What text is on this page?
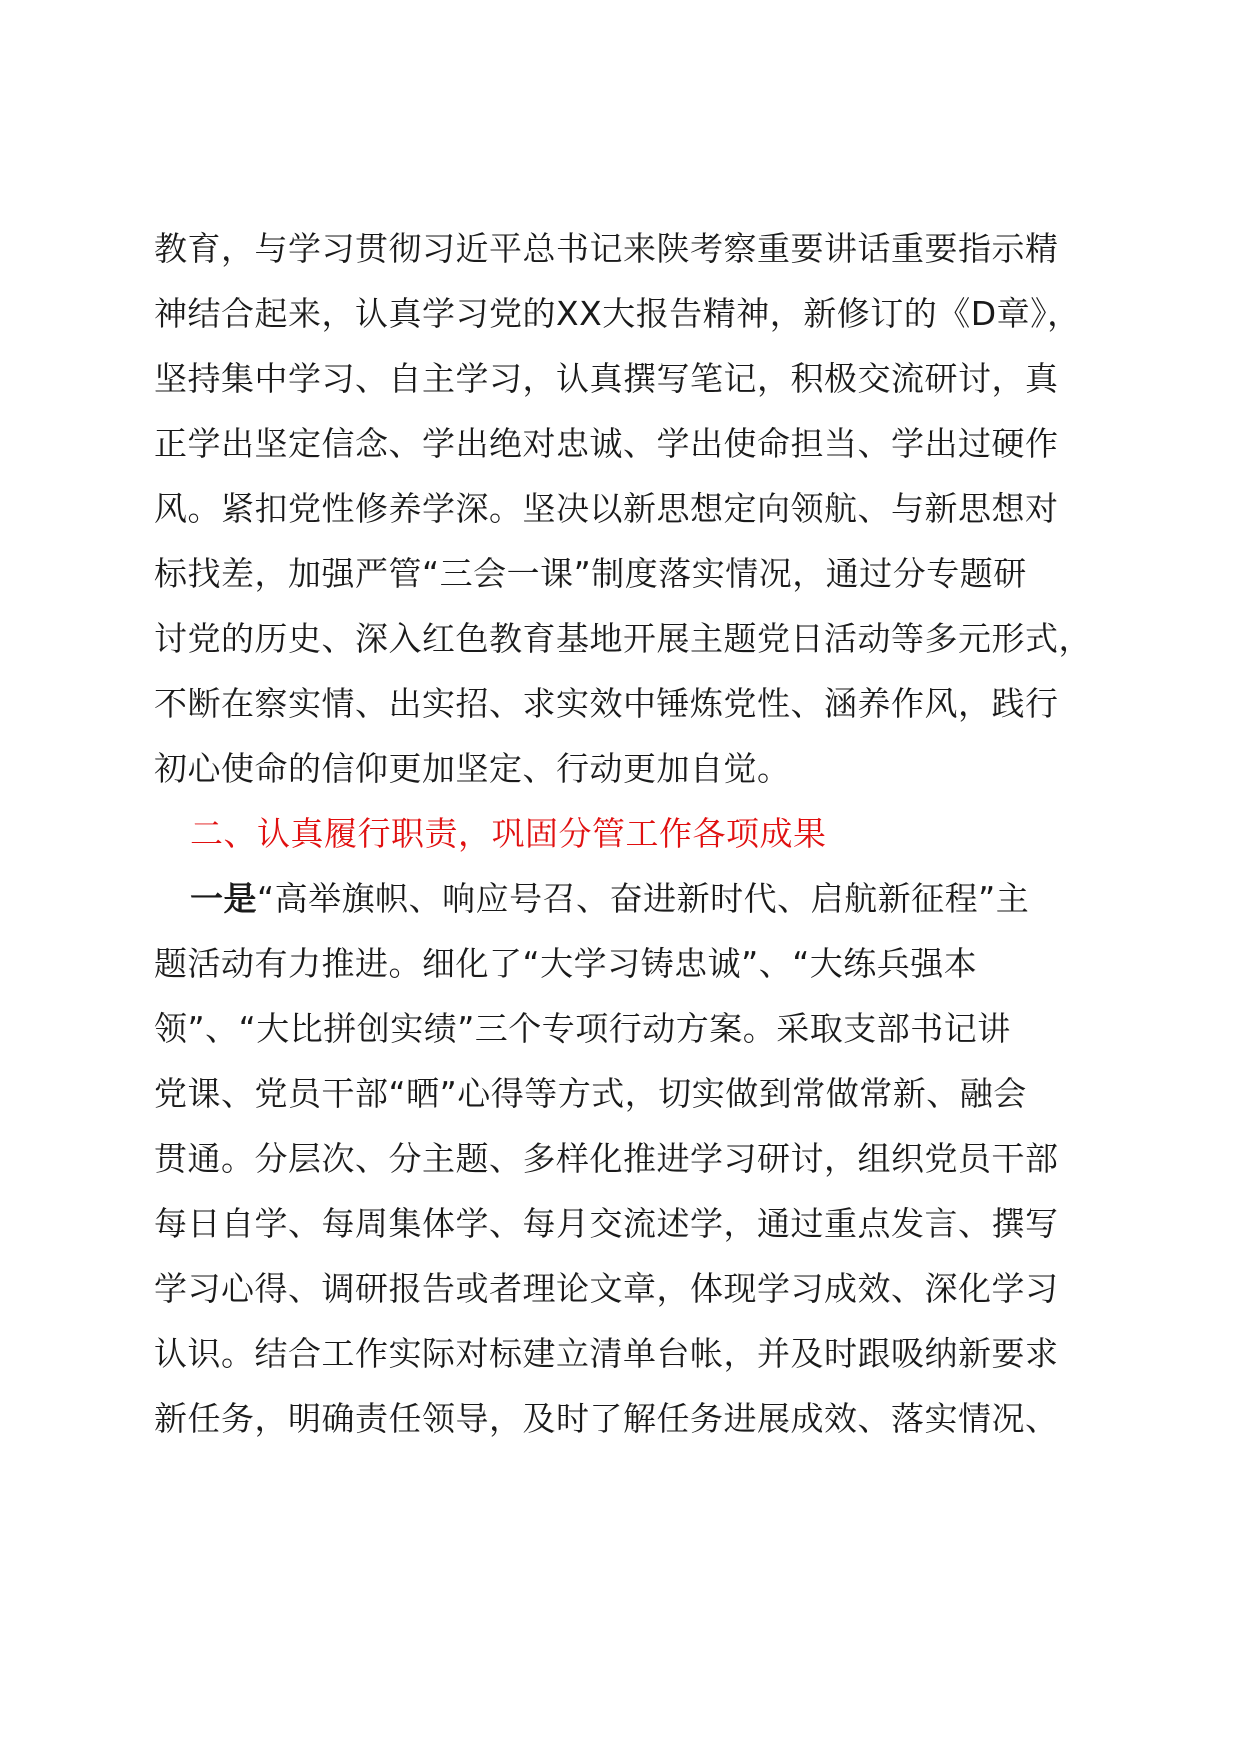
教育，与学习贯彻习近平总书记来陕考察重要讲话重要指示精
神结合起来，认真学习党的XX大报告精神，新修订的《D章》，
坚持集中学习、自主学习，认真撰写笔记，积极交流研讨，真
正学出坚定信念、学出绝对忠诚、学出使命担当、学出过硬作
风。紧扣党性修养学深。坚决以新思想定向领航、与新思想对
标找差，加强严管“三会一课”制度落实情况，通过分专题研
讨党的历史、深入红色教育基地开展主题党日活动等多元形式，
不断在察实情、出实招、求实效中锤炼党性、涵养作风，践行
初心使命的信仰更加坚定、行动更加自觉。
二、认真履行职责，巩固分管工作各项成果
一是“高举旗帜、响应号召、奋进新时代、启航新征程”主
题活动有力推进。细化了“大学习铸忠诚”、“大练兵强本
领”、“大比拼创实绩”三个专项行动方案。采取支部书记讲
党课、党员干部“晒”心得等方式，切实做到常做常新、融会
贯通。分层次、分主题、多样化推进学习研讨，组织党员干部
每日自学、每周集体学、每月交流述学，通过重点发言、撰写
学习心得、调研报告或者理论文章，体现学习成效、深化学习
认识。结合工作实际对标建立清单台帐，并及时跟吸纳新要求
新任务，明确责任领导，及时了解任务进展成效、落实情况、
